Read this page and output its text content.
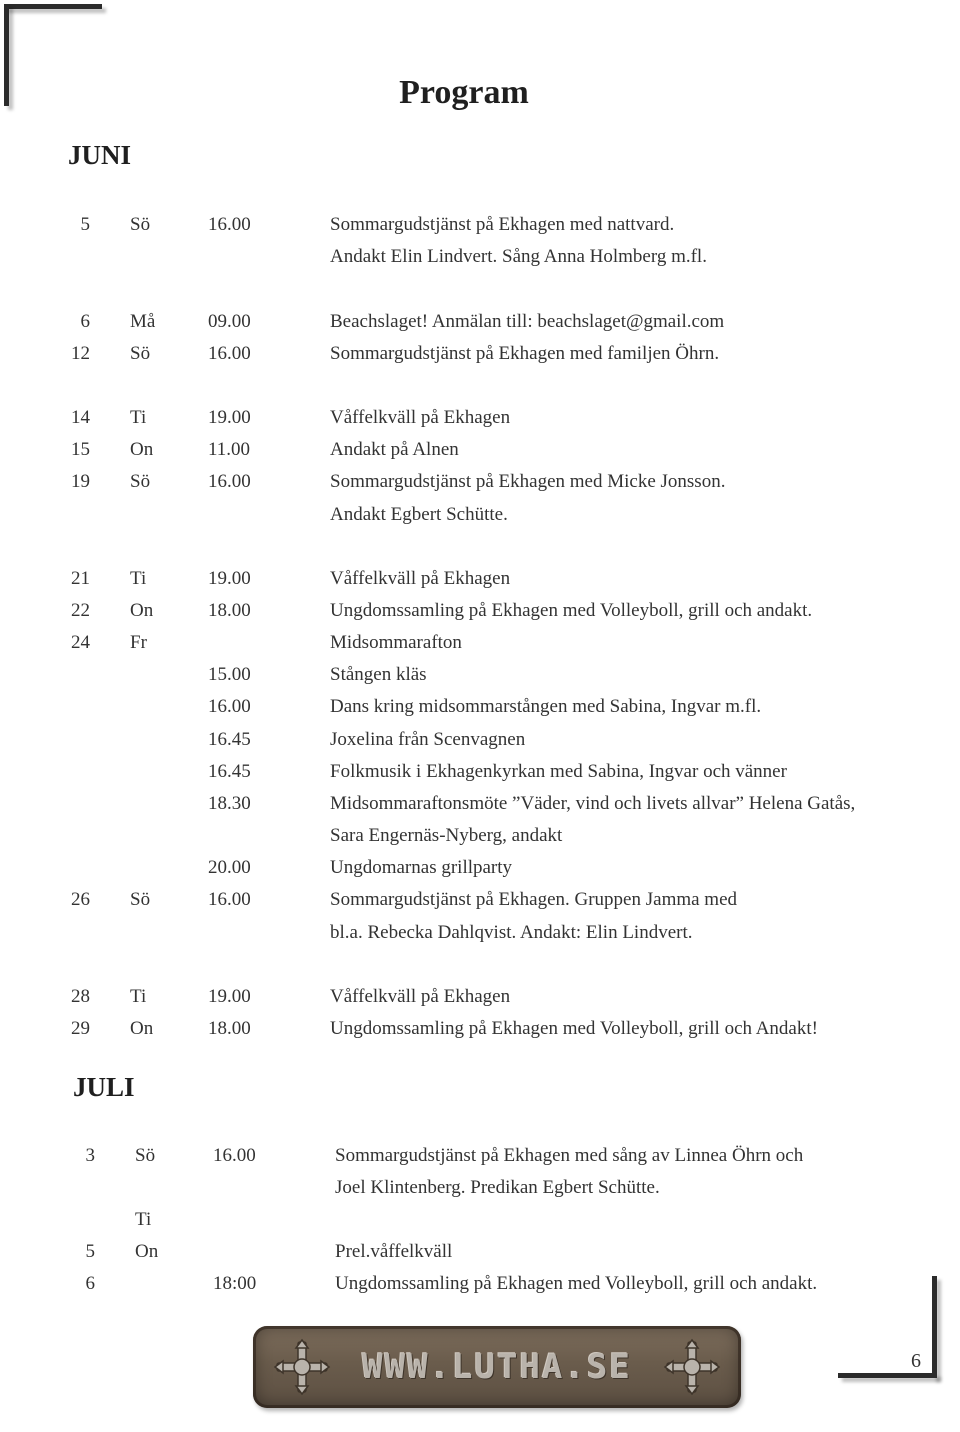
Program
JUNI
5 Sö	16.00	Sommargudstjänst på Ekhagen med nattvard.
Andakt Elin Lindvert. Sång Anna Holmberg m.fl.
6 Må	09.00	Beachslaget! Anmälan till: beachslaget@gmail.com
12 Sö	16.00	Sommargudstjänst på Ekhagen med familjen Öhrn.
14 Ti	19.00	Våffelkväll på Ekhagen
15 On	11.00	Andakt på Alnen
19 Sö	16.00	Sommargudstjänst på Ekhagen med Micke Jonsson.
Andakt Egbert Schütte.
21 Ti	19.00	Våffelkväll på Ekhagen
22 On	18.00	Ungdomssamling på Ekhagen med Volleyboll, grill och andakt.
24 Fr	Midsommarafton
15.00	Stången kläs
16.00	Dans kring midsommarstången med Sabina, Ingvar m.fl.
16.45	Joxelina från Scenvagnen
16.45	Folkmusik i Ekhagenkyrkan med Sabina, Ingvar och vänner
18.30	Midsommaraftonsmöte ”Väder, vind och livets allvar” Helena Gatås,
Sara Engernäs-Nyberg, andakt
20.00	Ungdomarnas grillparty
26 Sö	16.00	Sommargudstjänst på Ekhagen. Gruppen Jamma med
bl.a. Rebecka Dahlqvist. Andakt: Elin Lindvert.
28 Ti	19.00	Våffelkväll på Ekhagen
29 On	18.00	Ungdomssamling på Ekhagen med Volleyboll, grill och Andakt!
JULI
3 Sö	16.00	Sommargudstjänst på Ekhagen med sång av Linnea Öhrn och
Joel Klintenberg. Predikan Egbert Schütte.
Ti
5 On	Prel.våffelkväll
6	18:00	Ungdomssamling på Ekhagen med Volleyboll, grill och andakt.
WWW.LUTHA.SE	6
